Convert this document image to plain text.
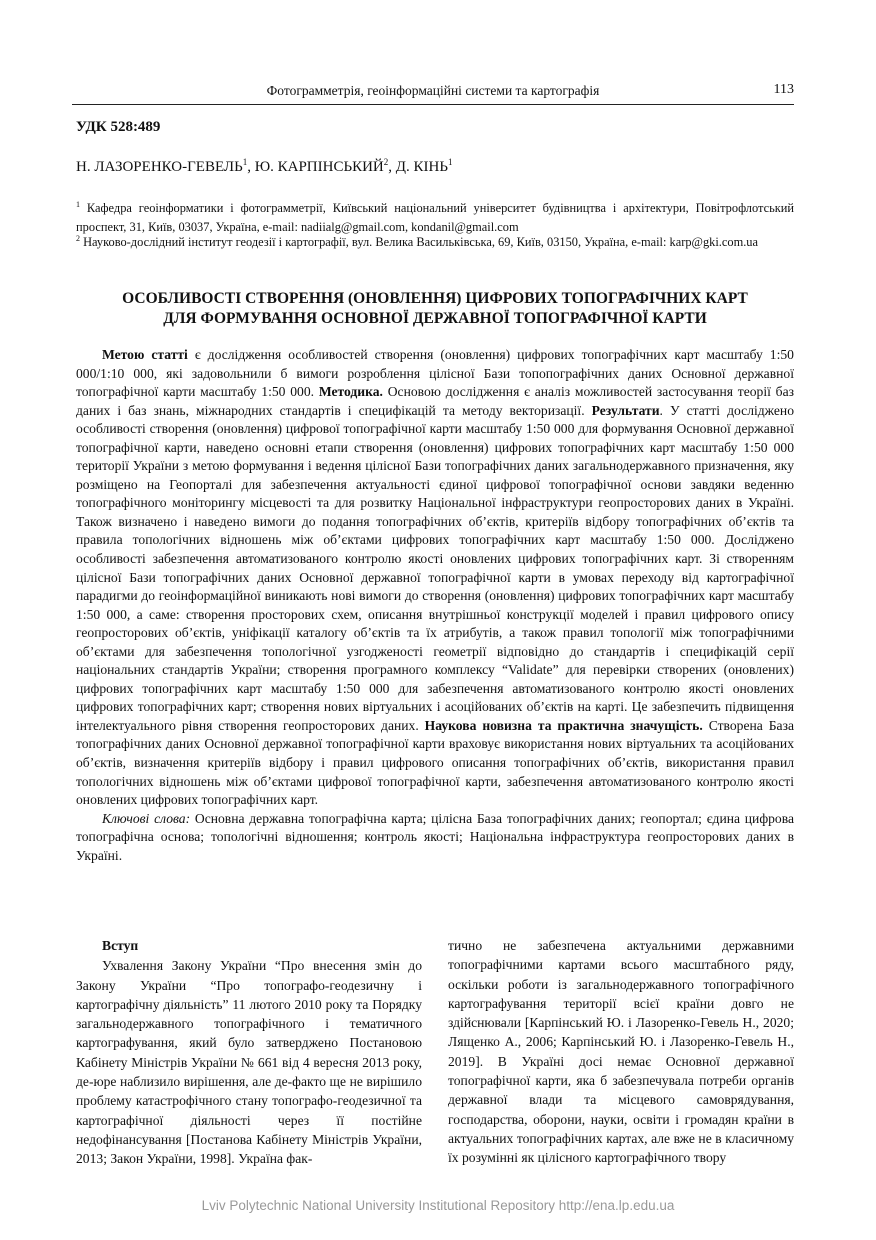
Фотограмметрія, геоінформаційні системи та картографія	113
УДК 528:489
Н. ЛАЗОРЕНКО-ГЕВЕЛЬ$^1$, Ю. КАРПІНСЬКИЙ$^2$, Д. КІНЬ$^1$
$^1$ Кафедра геоінформатики і фотограмметрії, Київський національний університет будівництва і архітектури, Повітрофлотський проспект, 31, Київ, 03037, Україна, e-mail: nadiialg@gmail.com, kondanil@gmail.com
$^2$ Науково-дослідний інститут геодезії і картографії, вул. Велика Васильківська, 69, Київ, 03150, Україна, e-mail: karp@gki.com.ua
ОСОБЛИВОСТІ СТВОРЕННЯ (ОНОВЛЕННЯ) ЦИФРОВИХ ТОПОГРАФІЧНИХ КАРТ
ДЛЯ ФОРМУВАННЯ ОСНОВНОЇ ДЕРЖАВНОЇ ТОПОГРАФІЧНОЇ КАРТИ

Метою статті є дослідження особливостей створення (оновлення) цифрових топографічних карт масштабу 1:50 000/1:10 000, які задовольнили б вимоги розроблення цілісної Бази топопографічних даних Основної державної топографічної карти масштабу 1:50 000. Методика. Основою дослідження є аналіз можливостей застосування теорії баз даних і баз знань, міжнародних стандартів і специфікацій та методу векторизації. Результати. У статті досліджено особливості створення (оновлення) цифрової топографічної карти масштабу 1:50 000 для формування Основної державної топографічної карти, наведено основні етапи створення (оновлення) цифрових топографічних карт масштабу 1:50 000 території України з метою формування і ведення цілісної Бази топографічних даних загальнодержавного призначення, яку розміщено на Геопорталі для забезпечення актуальності єдиної цифрової топографічної основи завдяки веденню топографічного моніторингу місцевості та для розвитку Національної інфраструктури геопросторових даних в Україні. Також визначено і наведено вимоги до подання топографічних об’єктів, критеріїв відбору топографічних об’єктів та правила топологічних відношень між об’єктами цифрових топографічних карт масштабу 1:50 000. Досліджено особливості забезпечення автоматизованого контролю якості оновлених цифрових топографічних карт. Зі створенням цілісної Бази топографічних даних Основної державної топографічної карти в умовах переходу від картографічної парадигми до геоінформаційної виникають нові вимоги до створення (оновлення) цифрових топографічних карт масштабу 1:50 000, а саме: створення просторових схем, описання внутрішньої конструкції моделей і правил цифрового опису геопросторових об’єктів, уніфікації каталогу об’єктів та їх атрибутів, а також правил топології між топографічними об’єктами для забезпечення топологічної узгодженості геометрії відповідно до стандартів і специфікацій серії національних стандартів України; створення програмного комплексу “Validate” для перевірки створених (оновлених) цифрових топографічних карт масштабу 1:50 000 для забезпечення автоматизованого контролю якості оновлених цифрових топографічних карт; створення нових віртуальних і асоційованих об’єктів на карті. Це забезпечить підвищення інтелектуального рівня створення геопросторових даних. Наукова новизна та практична значущість. Створена База топографічних даних Основної державної топографічної карти враховує використання нових віртуальних та асоційованих об’єктів, визначення критеріїв відбору і правил цифрового описання топографічних об’єктів, використання правил топологічних відношень між об’єктами цифрової топографічної карти, забезпечення автоматизованого контролю якості оновлених цифрових топографічних карт.

Ключові слова: Основна державна топографічна карта; цілісна База топографічних даних; геопортал; єдина цифрова топографічна основа; топологічні відношення; контроль якості; Національна інфраструктура геопросторових даних в Україні.

Вступ

Ухвалення Закону України “Про внесення змін до Закону України “Про топографо-геодезичну і картографічну діяльність” 11 лютого 2010 року та Порядку загальнодержавного топографічного і тематичного картографування, який було затверджено Постановою Кабінету Міністрів України № 661 від 4 вересня 2013 року, де-юре наблизило вирішення, але де-факто ще не вирішило проблему катастрофічного стану топографо-геодезичної та картографічної діяльності через її постійне недофінансування [Постанова Кабінету Міністрів України, 2013; Закон України, 1998]. Україна фак-

тично не забезпечена актуальними державними топографічними картами всього масштабного ряду, оскільки роботи із загальнодержавного топографічного картографування території всієї країни довго не здійснювали [Карпінський Ю. і Лазоренко-Гевель Н., 2020; Лященко А., 2006; Карпінський Ю. і Лазоренко-Гевель Н., 2019]. В Україні досі немає Основної державної топографічної карти, яка б забезпечувала потреби органів державної влади та місцевого самоврядування, господарства, оборони, науки, освіти і громадян країни в актуальних топографічних картах, але вже не в класичному їх розумінні як цілісного картографічного твору

Lviv Polytechnic National University Institutional Repository http://ena.lp.edu.ua
